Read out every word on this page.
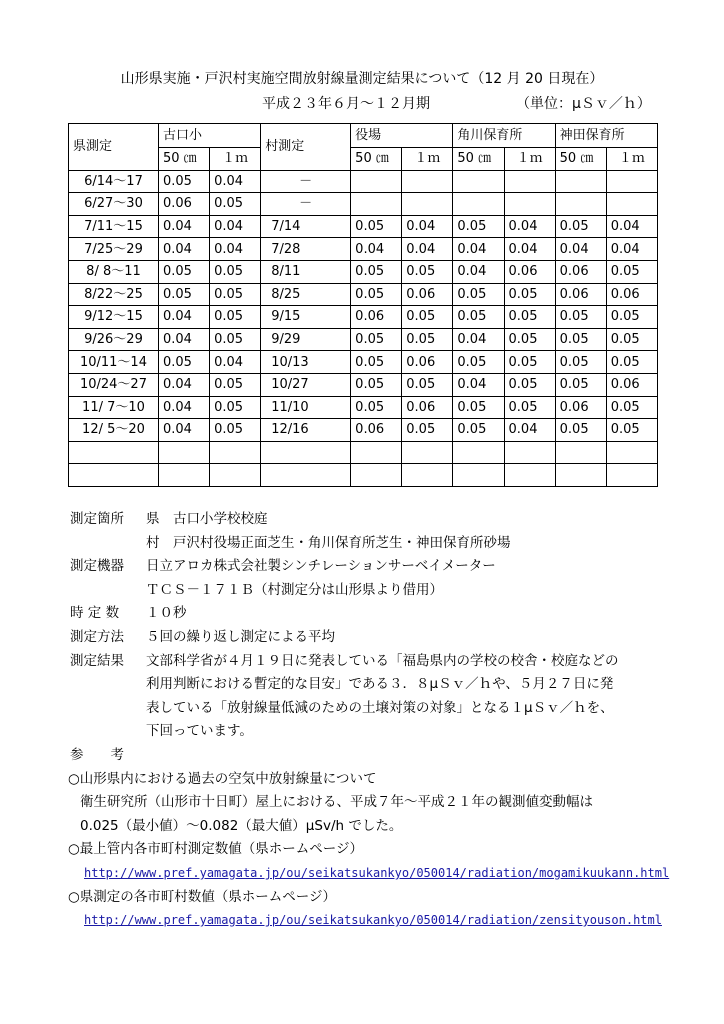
山形県実施・戸沢村実施空間放射線量測定結果について（12 月 20 日現在）
平成２３年６月～１２月期	（単位：μＳｖ／ｈ）
県測定	古口小		村測定	役場		角川保育所		神田保育所	
	50 ㎝	１ｍ		50 ㎝	１ｍ	50 ㎝	１ｍ	50 ㎝	１ｍ
6/14～17	0.05	0.04	－						
6/27～30	0.06	0.05	－						
7/11～15	0.04	0.04	7/14	0.05	0.04	0.05	0.04	0.05	0.04
7/25～29	0.04	0.04	7/28	0.04	0.04	0.04	0.04	0.04	0.04
8/ 8～11	0.05	0.05	8/11	0.05	0.05	0.04	0.06	0.06	0.05
8/22～25	0.05	0.05	8/25	0.05	0.06	0.05	0.05	0.06	0.06
9/12～15	0.04	0.05	9/15	0.06	0.05	0.05	0.05	0.05	0.05
9/26～29	0.04	0.05	9/29	0.05	0.05	0.04	0.05	0.05	0.05
10/11～14	0.05	0.04	10/13	0.05	0.06	0.05	0.05	0.05	0.05
10/24～27	0.04	0.05	10/27	0.05	0.05	0.04	0.05	0.05	0.06
11/ 7～10	0.04	0.05	11/10	0.05	0.06	0.05	0.05	0.06	0.05
12/ 5～20	0.04	0.05	12/16	0.06	0.05	0.05	0.04	0.05	0.05

測定箇所 県　古口小学校校庭
村　戸沢村役場正面芝生・角川保育所芝生・神田保育所砂場
測定機器 日立アロカ株式会社製シンチレーションサーベイメーター
ＴＣＳ－１７１Ｂ（村測定分は山形県より借用）
時 定 数 １０秒
測定方法 ５回の繰り返し測定による平均
測定結果 文部科学省が４月１９日に発表している「福島県内の学校の校舎・校庭などの
利用判断における暫定的な目安」である３．８μＳｖ／ｈや、５月２７日に発
表している「放射線量低減のための土壌対策の対象」となる１μＳｖ／ｈを、
下回っています。
参　　考
○山形県内における過去の空気中放射線量について
衛生研究所（山形市十日町）屋上における、平成７年～平成２１年の観測値変動幅は
0.025（最小値）～0.082（最大値）μSv/h でした。
○最上管内各市町村測定数値（県ホームページ）
http://www.pref.yamagata.jp/ou/seikatsukankyo/050014/radiation/mogamikuukann.html
○県測定の各市町村数値（県ホームページ）
http://www.pref.yamagata.jp/ou/seikatsukankyo/050014/radiation/zensityouson.html
